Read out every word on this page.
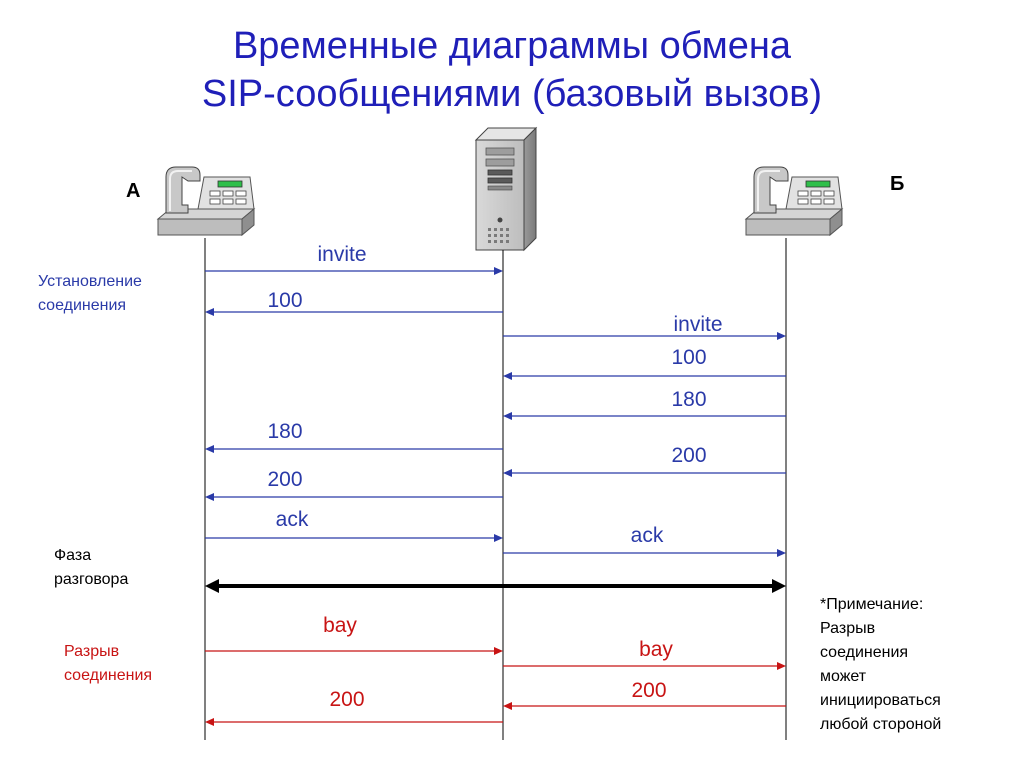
Временные диаграммы обмена
SIP-сообщениями (базовый вызов)
invite
100
invite
100
180
180
200
200
ack
ack
bay
bay
200
200
А	Б
Установление
соединения
Фаза
разговора
Разрыв
соединения
*Примечание:
Разрыв
соединения
может
инициироваться
любой стороной
